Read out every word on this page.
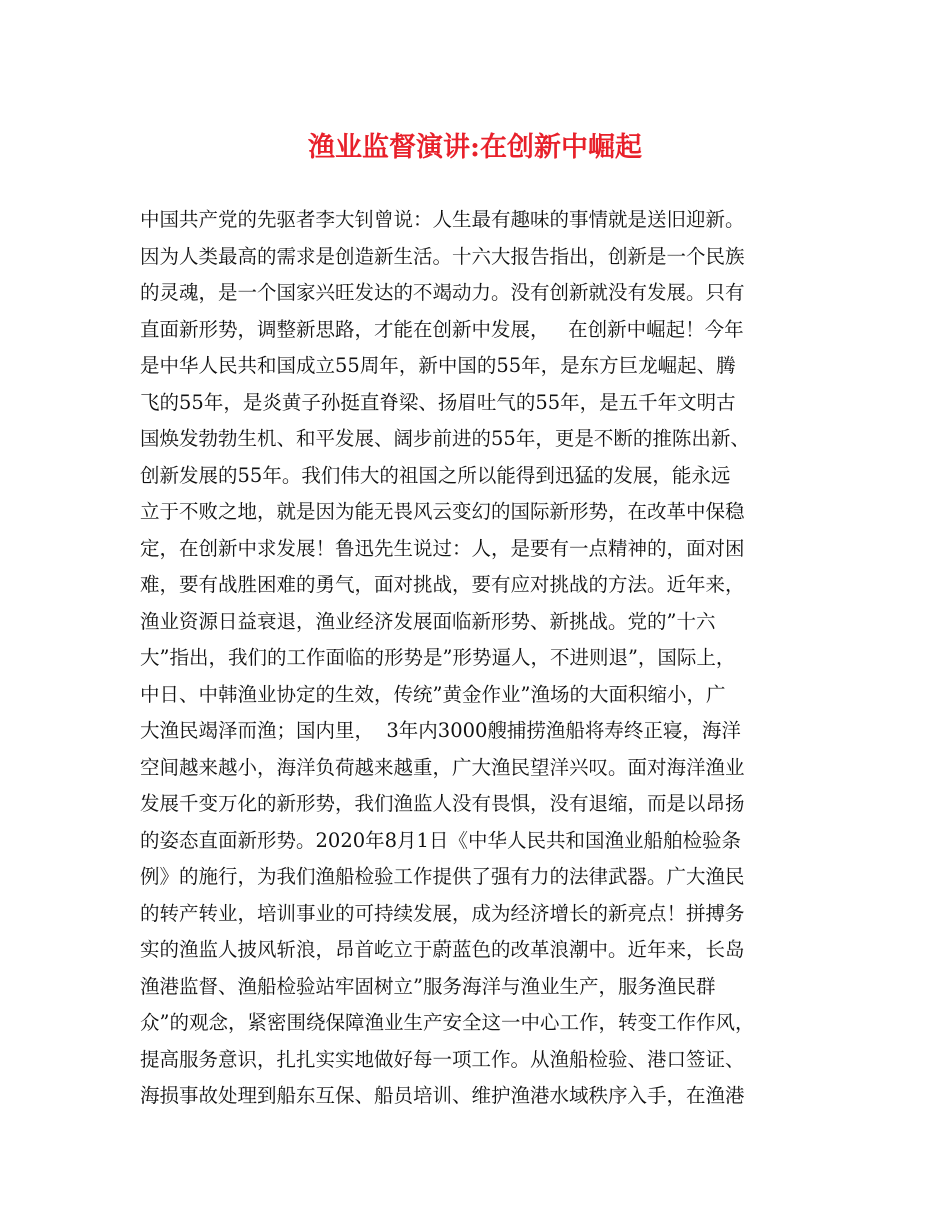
渔业监督演讲:在创新中崛起
中国共产党的先驱者李大钊曾说：人生最有趣味的事情就是送旧迎新。
因为人类最高的需求是创造新生活。十六大报告指出，创新是一个民族
的灵魂，是一个国家兴旺发达的不竭动力。没有创新就没有发展。只有
直面新形势，调整新思路，才能在创新中发展，   在创新中崛起！今年
是中华人民共和国成立55周年，新中国的55年，是东方巨龙崛起、腾
飞的55年，是炎黄子孙挺直脊梁、扬眉吐气的55年，是五千年文明古
国焕发勃勃生机、和平发展、阔步前进的55年，更是不断的推陈出新、
创新发展的55年。我们伟大的祖国之所以能得到迅猛的发展，能永远
立于不败之地，就是因为能无畏风云变幻的国际新形势，在改革中保稳
定，在创新中求发展！鲁迅先生说过：人，是要有一点精神的，面对困
难，要有战胜困难的勇气，面对挑战，要有应对挑战的方法。近年来，
渔业资源日益衰退，渔业经济发展面临新形势、新挑战。党的”十六
大”指出，我们的工作面临的形势是”形势逼人，不进则退”，国际上，
中日、中韩渔业协定的生效，传统”黄金作业”渔场的大面积缩小，广
大渔民竭泽而渔；国内里，  3年内3000艘捕捞渔船将寿终正寝，海洋
空间越来越小，海洋负荷越来越重，广大渔民望洋兴叹。面对海洋渔业
发展千变万化的新形势，我们渔监人没有畏惧，没有退缩，而是以昂扬
的姿态直面新形势。2020年8月1日《中华人民共和国渔业船舶检验条
例》的施行，为我们渔船检验工作提供了强有力的法律武器。广大渔民
的转产转业，培训事业的可持续发展，成为经济增长的新亮点！拼搏务
实的渔监人披风斩浪，昂首屹立于蔚蓝色的改革浪潮中。近年来，长岛
渔港监督、渔船检验站牢固树立”服务海洋与渔业生产，服务渔民群
众”的观念，紧密围绕保障渔业生产安全这一中心工作，转变工作作风，
提高服务意识，扎扎实实地做好每一项工作。从渔船检验、港口签证、
海损事故处理到船东互保、船员培训、维护渔港水域秩序入手，在渔港
